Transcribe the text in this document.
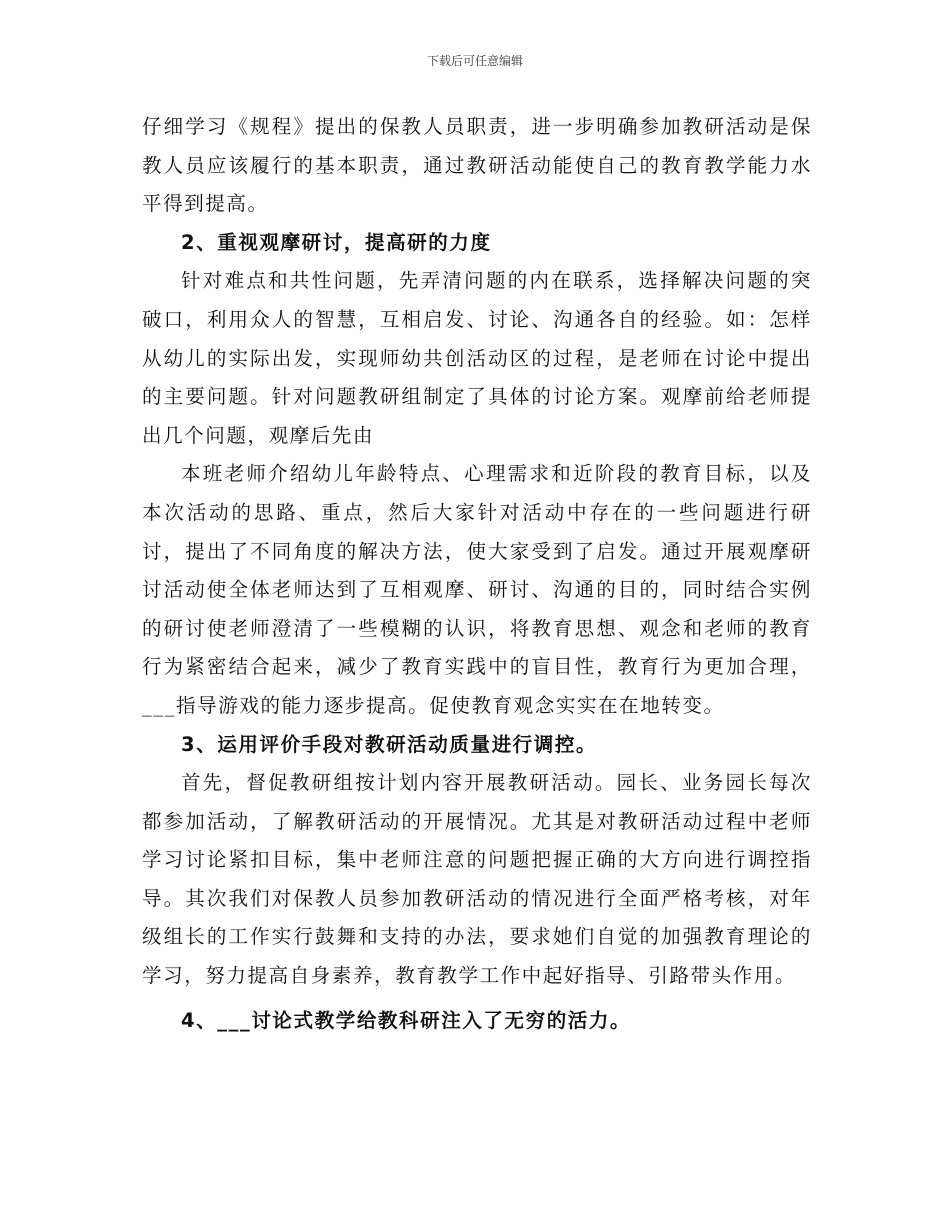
下载后可任意编辑

仔细学习《规程》提出的保教人员职责，进一步明确参加教研活动是保教人员应该履行的基本职责，通过教研活动能使自己的教育教学能力水平得到提高。

2、重视观摩研讨，提高研的力度

针对难点和共性问题，先弄清问题的内在联系，选择解决问题的突破口，利用众人的智慧，互相启发、讨论、沟通各自的经验。如：怎样从幼儿的实际出发，实现师幼共创活动区的过程，是老师在讨论中提出的主要问题。针对问题教研组制定了具体的讨论方案。观摩前给老师提出几个问题，观摩后先由

本班老师介绍幼儿年龄特点、心理需求和近阶段的教育目标，以及本次活动的思路、重点，然后大家针对活动中存在的一些问题进行研讨，提出了不同角度的解决方法，使大家受到了启发。通过开展观摩研讨活动使全体老师达到了互相观摩、研讨、沟通的目的，同时结合实例的研讨使老师澄清了一些模糊的认识，将教育思想、观念和老师的教育行为紧密结合起来，减少了教育实践中的盲目性，教育行为更加合理，___指导游戏的能力逐步提高。促使教育观念实实在在地转变。

3、运用评价手段对教研活动质量进行调控。

首先，督促教研组按计划内容开展教研活动。园长、业务园长每次都参加活动，了解教研活动的开展情况。尤其是对教研活动过程中老师学习讨论紧扣目标，集中老师注意的问题把握正确的大方向进行调控指导。其次我们对保教人员参加教研活动的情况进行全面严格考核，对年级组长的工作实行鼓舞和支持的办法，要求她们自觉的加强教育理论的学习，努力提高自身素养，教育教学工作中起好指导、引路带头作用。

4、___讨论式教学给教科研注入了无穷的活力。
